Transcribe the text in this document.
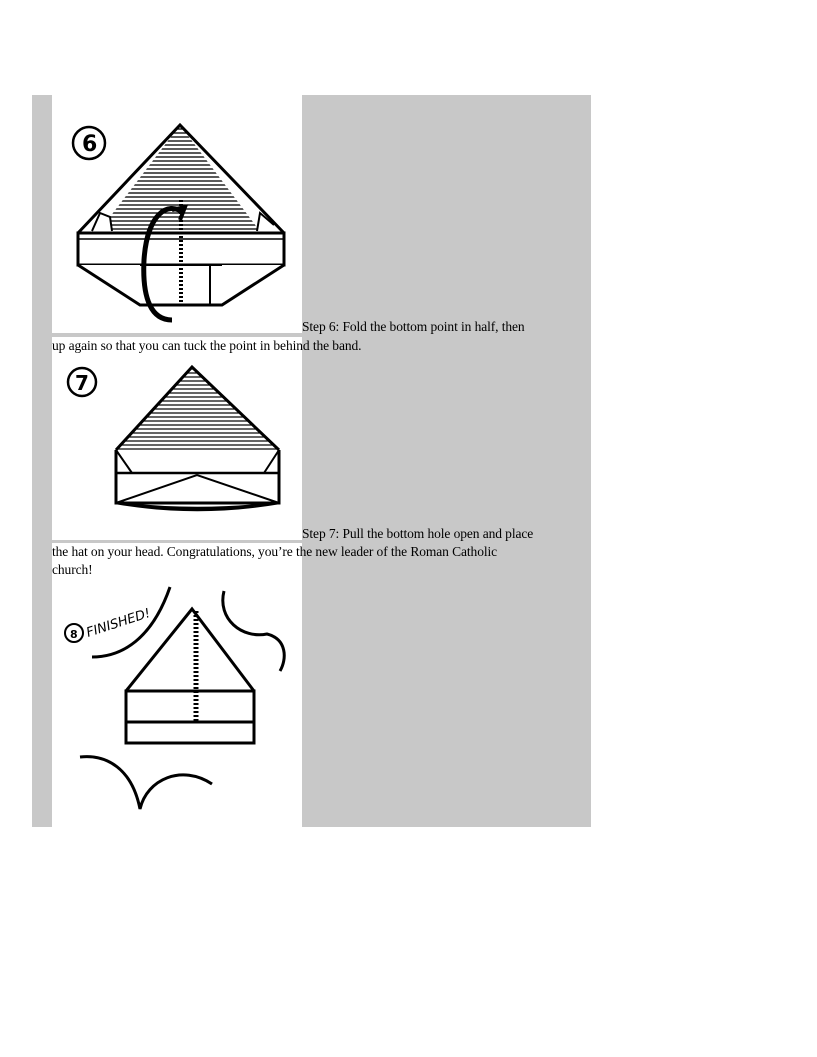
6
Step 6: Fold the bottom point in half, then
up again so that you can tuck the point in behind the band.
7
Step 7: Pull the bottom hole open and place
the hat on your head. Congratulations, you’re the new leader of the Roman Catholic
church!
8 FINISHED!
